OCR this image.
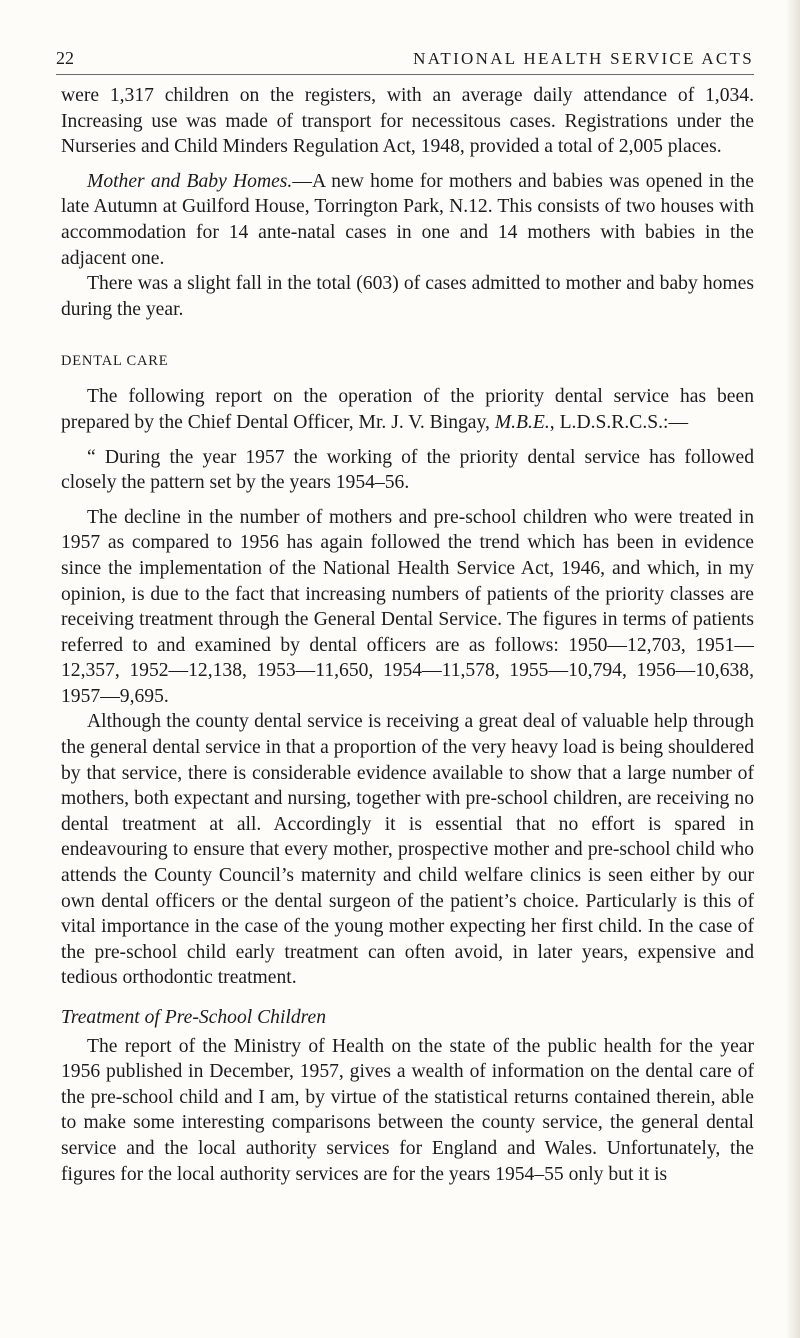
22	NATIONAL HEALTH SERVICE ACTS

were 1,317 children on the registers, with an average daily attendance of 1,034. Increasing use was made of transport for necessitous cases. Registrations under the Nurseries and Child Minders Regulation Act, 1948, provided a total of 2,005 places.

Mother and Baby Homes.—A new home for mothers and babies was opened in the late Autumn at Guilford House, Torrington Park, N.12. This consists of two houses with accommodation for 14 ante-natal cases in one and 14 mothers with babies in the adjacent one.

There was a slight fall in the total (603) of cases admitted to mother and baby homes during the year.

DENTAL CARE

The following report on the operation of the priority dental service has been prepared by the Chief Dental Officer, Mr. J. V. Bingay, M.B.E., L.D.S.R.C.S.:—

“ During the year 1957 the working of the priority dental service has followed closely the pattern set by the years 1954–56.

The decline in the number of mothers and pre-school children who were treated in 1957 as compared to 1956 has again followed the trend which has been in evidence since the implementation of the National Health Service Act, 1946, and which, in my opinion, is due to the fact that increasing numbers of patients of the priority classes are receiving treatment through the General Dental Service. The figures in terms of patients referred to and examined by dental officers are as follows: 1950—12,703, 1951—12,357, 1952—12,138, 1953—11,650, 1954—11,578, 1955—10,794, 1956—10,638, 1957—9,695.

Although the county dental service is receiving a great deal of valuable help through the general dental service in that a proportion of the very heavy load is being shouldered by that service, there is considerable evidence available to show that a large number of mothers, both expectant and nursing, together with pre-school children, are receiving no dental treatment at all. Accordingly it is essential that no effort is spared in endeavouring to ensure that every mother, prospective mother and pre-school child who attends the County Council’s maternity and child welfare clinics is seen either by our own dental officers or the dental surgeon of the patient’s choice. Particularly is this of vital importance in the case of the young mother expecting her first child. In the case of the pre-school child early treatment can often avoid, in later years, expensive and tedious orthodontic treatment.

Treatment of Pre-School Children

The report of the Ministry of Health on the state of the public health for the year 1956 published in December, 1957, gives a wealth of information on the dental care of the pre-school child and I am, by virtue of the statistical returns contained therein, able to make some interesting comparisons between the county service, the general dental service and the local authority services for England and Wales. Unfortunately, the figures for the local authority services are for the years 1954–55 only but it is
